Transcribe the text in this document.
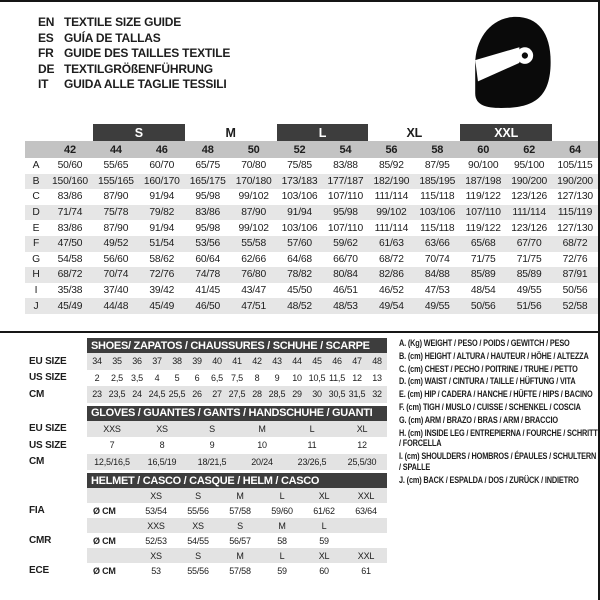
EN TEXTILE SIZE GUIDE
ES GUÍA DE TALLAS
FR GUIDE DES TAILLES TEXTILE
DE TEXTILGRÖßENFÜHRUNG
IT	GUIDA ALLE TAGLIE TESSILI
S	M	L	XL	XXL
42	44	46	48	50	52	54	56	58	60	62	64
A	50/60	55/65	60/70	65/75	70/80	75/85	83/88	85/92	87/95	90/100	95/100	105/115
B	150/160 155/165 160/170 165/175 170/180 173/183 177/187 182/190 185/195 187/198 190/200 190/200
C	83/86	87/90	91/94	95/98	99/102	103/106	107/110	111/114	115/118	119/122	123/126 127/130
D	71/74	75/78	79/82	83/86	87/90	91/94	95/98	99/102	103/106	107/110	111/114	115/119
E	83/86	87/90	91/94	95/98	99/102	103/106	107/110	111/114	115/118	119/122	123/126 127/130
F	47/50	49/52	51/54	53/56	55/58	57/60	59/62	61/63	63/66	65/68	67/70	68/72
G	54/58	56/60	58/62	60/64	62/66	64/68	66/70	68/72	70/74	71/75	71/75	72/76
H	68/72	70/74	72/76	74/78	76/80	78/82	80/84	82/86	84/88	85/89	85/89	87/91
I	35/38	37/40	39/42	41/45	43/47	45/50	46/51	46/52	47/53	48/54	49/55	50/56
J	45/49	44/48	45/49	46/50	47/51	48/52	48/53	49/54	49/55	50/56	51/56	52/58
SHOES/ ZAPATOS / CHAUSSURES / SCHUHE / SCARPE
EU SIZE	34	35	36	37	38	39	40	41	42	43	44	45	46	47	48
US SIZE	2	2,5 3,5	4	5	6	6,5 7,5	8	9	10 10,5 11,5 12	13
CM	23 23,5 24 24,5 25,5 26	27 27,5 28 28,5 29	30 30,5 31,5 32
GLOVES / GUANTES / GANTS / HANDSCHUHE / GUANTI
EU SIZE	XXS	XS	S	M	L	XL
US SIZE	7	8	9	10	11	12
CM	12,5/16,5	16,5/19	18/21,5	20/24	23/26,5	25,5/30
HELMET / CASCO / CASQUE / HELM / CASCO
XS	S	M	L	XL	XXL
FIA	Ø CM	53/54	55/56	57/58	59/60	61/62	63/64
XXS	XS	S	M	L
CMR	Ø CM	52/53	54/55	56/57	58	59
XS	S	M	L	XL	XXL
ECE	Ø CM	53	55/56	57/58	59	60	61
A. (Kg) WEIGHT / PESO / POIDS / GEWITCH / PESO
B. (cm) HEIGHT / ALTURA / HAUTEUR / HÖHE / ALTEZZA
C. (cm) CHEST / PECHO / POITRINE / TRUHE / PETTO
D. (cm) WAIST / CINTURA / TAILLE / HÜFTUNG / VITA
E. (cm) HIP / CADERA / HANCHE / HÜFTE / HIPS / BACINO
F. (cm) TIGH / MUSLO / CUISSE / SCHENKEL / COSCIA
G. (cm) ARM / BRAZO / BRAS / ARM / BRACCIO
H. (cm) INSIDE LEG / ENTREPIERNA / FOURCHE / SCHRITT / FORCELLA
I. (cm) SHOULDERS / HOMBROS / ÉPAULES / SCHULTERN / SPALLE
J. (cm) BACK / ESPALDA / DOS / ZURÜCK / INDIETRO
